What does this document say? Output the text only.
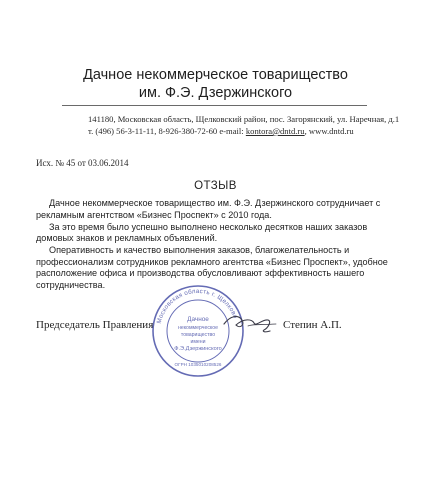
Дачное некоммерческое товарищество
им. Ф.Э. Дзержинского
141180, Московская область, Щелковский район, пос. Загорянский, ул. Наречная, д.1
т. (496) 56-3-11-11, 8-926-380-72-60 e-mail: kontora@dntd.ru, www.dntd.ru
Исх. № 45 от 03.06.2014
ОТЗЫВ

Дачное некоммерческое товарищество им. Ф.Э. Дзержинского сотрудничает с рекламным агентством «Бизнес Проспект» с 2010 года.

За это время было успешно выполнено несколько десятков наших заказов домовых знаков и рекламных объявлений.

Оперативность и качество выполнения заказов, благожелательность и профессионализм сотрудников рекламного агентства «Бизнес Проспект», удобное расположение офиса и производства обусловливают эффективность нашего сотрудничества.

Председатель Правления Московская область г. Щелково
Дачное
некоммерческое
товарищество
имени
Ф.Э.Дзержинского
ОГРН 1035010208526
Степин А.П.
